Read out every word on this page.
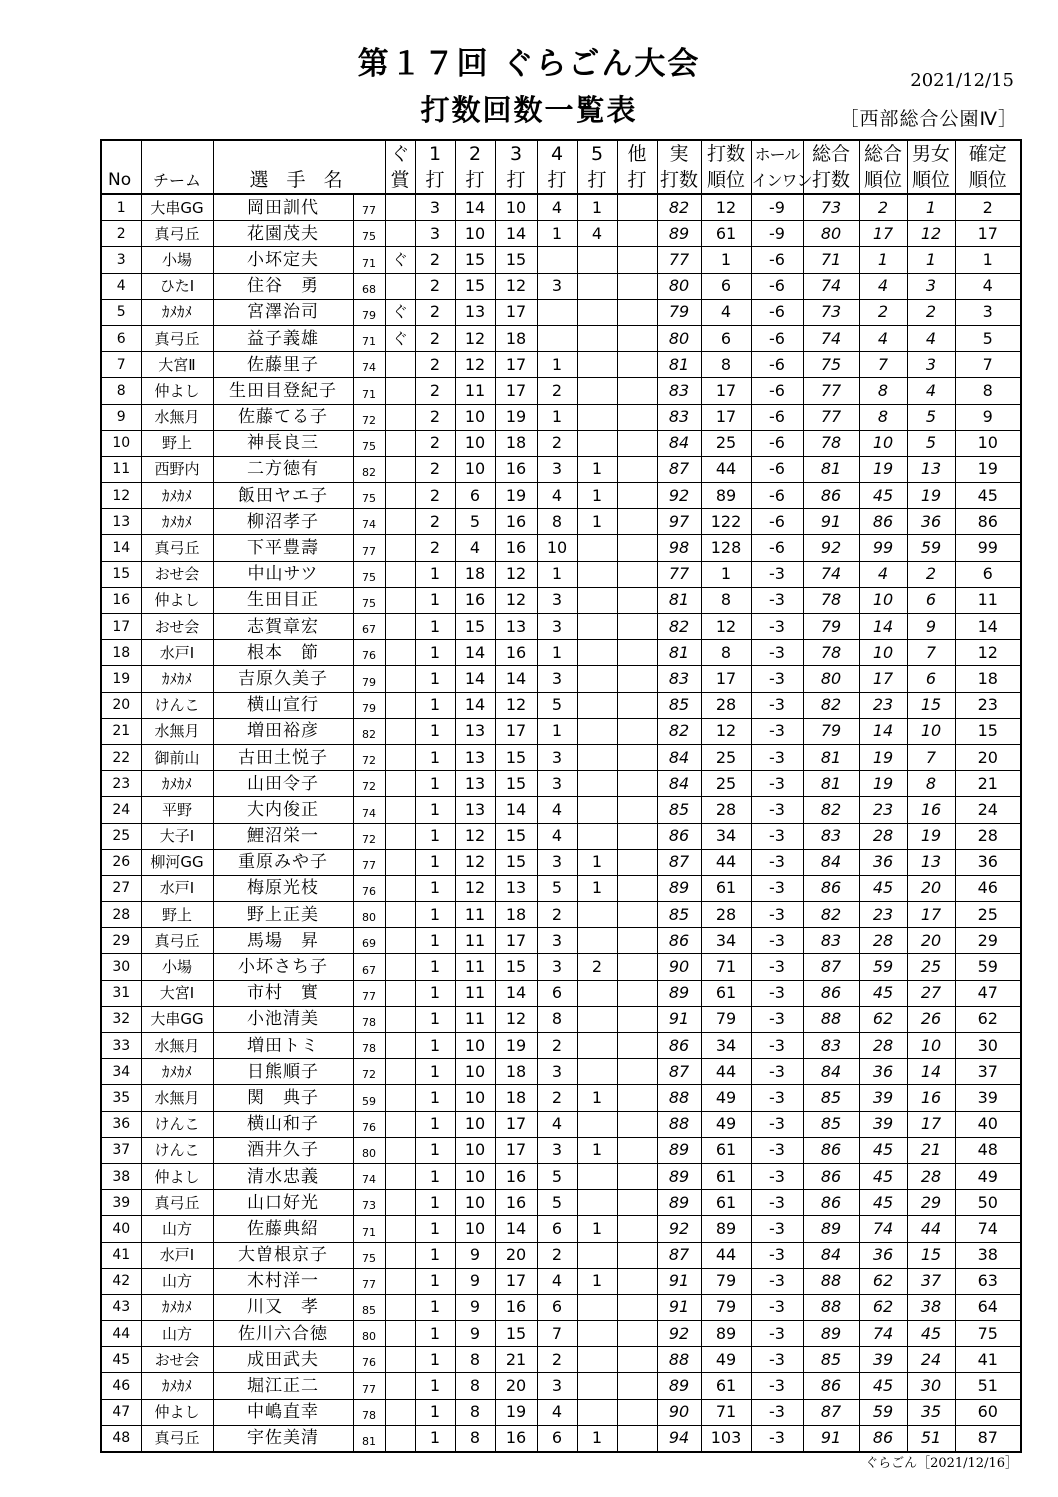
第１７回 ぐらごん大会	2021/12/15
打数回数一覧表	［西部総合公園Ⅳ］
				ぐ	1	2	3	4	5	他	実	打数	ホール	総合	総合	男女	確定
No	チーム	選 手 名		賞	打	打	打	打	打	打	打数	順位	インワン	打数	順位	順位	順位
1	大串GG	岡田訓代	77		3	14	10	4	1		82	12	-9	73	2	1	2
2	真弓丘	花園茂夫	75		3	10	14	1	4		89	61	-9	80	17	12	17
3	小場	小坏定夫	71	ぐ	2	15	15				77	1	-6	71	1	1	1
4	ひたⅠ	住谷　勇	68		2	15	12	3			80	6	-6	74	4	3	4
5	ｶﾒｶﾒ	宮澤治司	79	ぐ	2	13	17				79	4	-6	73	2	2	3
6	真弓丘	益子義雄	71	ぐ	2	12	18				80	6	-6	74	4	4	5
7	大宮Ⅱ	佐藤里子	74		2	12	17	1			81	8	-6	75	7	3	7
8	仲よし	生田目登紀子	71		2	11	17	2			83	17	-6	77	8	4	8
9	水無月	佐藤てる子	72		2	10	19	1			83	17	-6	77	8	5	9
10	野上	神長良三	75		2	10	18	2			84	25	-6	78	10	5	10
11	西野内	二方徳有	82		2	10	16	3	1		87	44	-6	81	19	13	19
12	ｶﾒｶﾒ	飯田ヤエ子	75		2	6	19	4	1		92	89	-6	86	45	19	45
13	ｶﾒｶﾒ	柳沼孝子	74		2	5	16	8	1		97	122	-6	91	86	36	86
14	真弓丘	下平豊壽	77		2	4	16	10			98	128	-6	92	99	59	99
15	おせ会	中山サツ	75		1	18	12	1			77	1	-3	74	4	2	6
16	仲よし	生田目正	75		1	16	12	3			81	8	-3	78	10	6	11
17	おせ会	志賀章宏	67		1	15	13	3			82	12	-3	79	14	9	14
18	水戸Ⅰ	根本　節	76		1	14	16	1			81	8	-3	78	10	7	12
19	ｶﾒｶﾒ	吉原久美子	79		1	14	14	3			83	17	-3	80	17	6	18
20	けんこ	横山宣行	79		1	14	12	5			85	28	-3	82	23	15	23
21	水無月	増田裕彦	82		1	13	17	1			82	12	-3	79	14	10	15
22	御前山	古田土悦子	72		1	13	15	3			84	25	-3	81	19	7	20
23	ｶﾒｶﾒ	山田令子	72		1	13	15	3			84	25	-3	81	19	8	21
24	平野	大内俊正	74		1	13	14	4			85	28	-3	82	23	16	24
25	大子Ⅰ	鯉沼栄一	72		1	12	15	4			86	34	-3	83	28	19	28
26	柳河GG	重原みや子	77		1	12	15	3	1		87	44	-3	84	36	13	36
27	水戸Ⅰ	梅原光枝	76		1	12	13	5	1		89	61	-3	86	45	20	46
28	野上	野上正美	80		1	11	18	2			85	28	-3	82	23	17	25
29	真弓丘	馬場　昇	69		1	11	17	3			86	34	-3	83	28	20	29
30	小場	小坏さち子	67		1	11	15	3	2		90	71	-3	87	59	25	59
31	大宮Ⅰ	市村　實	77		1	11	14	6			89	61	-3	86	45	27	47
32	大串GG	小池清美	78		1	11	12	8			91	79	-3	88	62	26	62
33	水無月	増田トミ	78		1	10	19	2			86	34	-3	83	28	10	30
34	ｶﾒｶﾒ	日熊順子	72		1	10	18	3			87	44	-3	84	36	14	37
35	水無月	関　典子	59		1	10	18	2	1		88	49	-3	85	39	16	39
36	けんこ	横山和子	76		1	10	17	4			88	49	-3	85	39	17	40
37	けんこ	酒井久子	80		1	10	17	3	1		89	61	-3	86	45	21	48
38	仲よし	清水忠義	74		1	10	16	5			89	61	-3	86	45	28	49
39	真弓丘	山口好光	73		1	10	16	5			89	61	-3	86	45	29	50
40	山方	佐藤典紹	71		1	10	14	6	1		92	89	-3	89	74	44	74
41	水戸Ⅰ	大曽根京子	75		1	9	20	2			87	44	-3	84	36	15	38
42	山方	木村洋一	77		1	9	17	4	1		91	79	-3	88	62	37	63
43	ｶﾒｶﾒ	川又　孝	85		1	9	16	6			91	79	-3	88	62	38	64
44	山方	佐川六合徳	80		1	9	15	7			92	89	-3	89	74	45	75
45	おせ会	成田武夫	76		1	8	21	2			88	49	-3	85	39	24	41
46	ｶﾒｶﾒ	堀江正二	77		1	8	20	3			89	61	-3	86	45	30	51
47	仲よし	中嶋直幸	78		1	8	19	4			90	71	-3	87	59	35	60
48	真弓丘	宇佐美清	81		1	8	16	6	1		94	103	-3	91	86	51	87
ぐらごん［2021/12/16］
